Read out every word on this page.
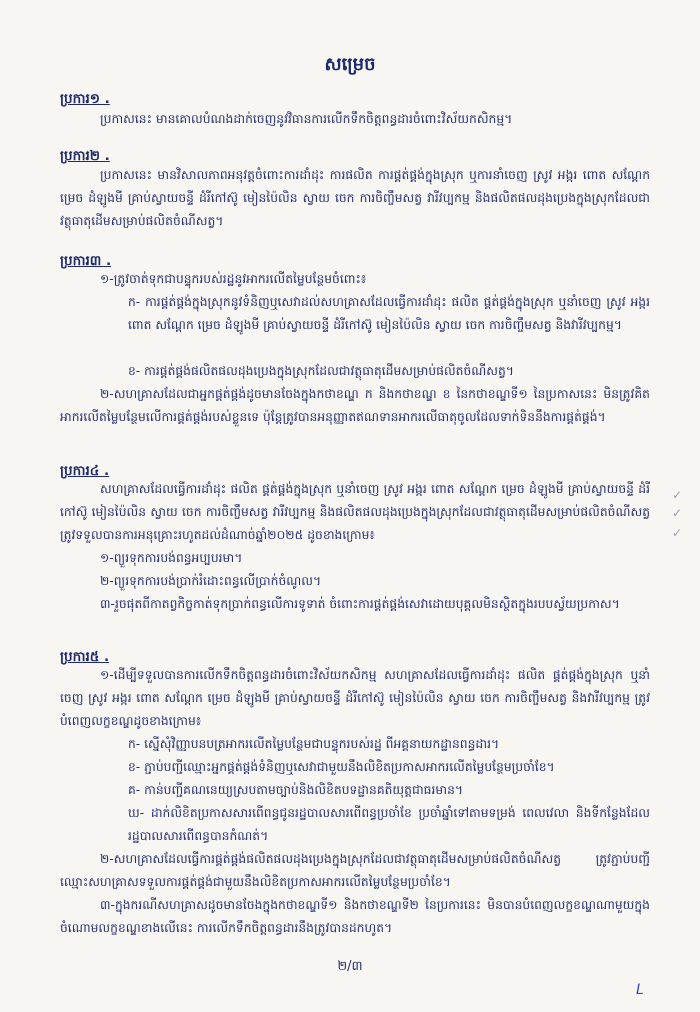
សម្រេច
ប្រការ១ .
ប្រកាសនេះ មានគោលបំណងដាក់ចេញនូវវិធានការលើកទឹកចិត្តពន្ធដារចំពោះវិស័យកសិកម្ម។
ប្រការ២ .
ប្រកាសនេះ មានវិសាលភាពអនុវត្តចំពោះការដាំដុះ ការផលិត ការផ្គត់ផ្គង់ក្នុងស្រុក ឬការនាំចេញ ស្រូវ អង្ករ ពោត សណ្តែក ម្រេច ដំឡូងមី គ្រាប់ស្វាយចន្ទី ដំរីកៅស៊ូ មៀនប៉ៃលិន ស្វាយ ចេក ការចិញ្ចឹមសត្វ វារីវប្បកម្ម និងផលិតផលដុងប្រេងក្នុងស្រុកដែលជាវត្ថុធាតុដើមសម្រាប់ផលិតចំណីសត្វ។
ប្រការ៣ .
១-ត្រូវចាត់ទុកជាបន្ទុករបស់រដ្ឋនូវអាករលើតម្លៃបន្ថែមចំពោះ៖
ក- ការផ្គត់ផ្គង់ក្នុងស្រុកនូវទំនិញឬសេវាដល់សហគ្រាសដែលធ្វើការដាំដុះ ផលិត ផ្គត់ផ្គង់ក្នុងស្រុក ឬនាំចេញ ស្រូវ អង្ករ ពោត សណ្តែក ម្រេច ដំឡូងមី គ្រាប់ស្វាយចន្ទី ដំរីកៅស៊ូ មៀនប៉ៃលិន ស្វាយ ចេក ការចិញ្ចឹមសត្វ និងវារីវប្បកម្ម។
ខ- ការផ្គត់ផ្គង់ផលិតផលដុងប្រេងក្នុងស្រុកដែលជាវត្ថុធាតុដើមសម្រាប់ផលិតចំណីសត្វ។
២-សហគ្រាសដែលជាអ្នកផ្គត់ផ្គង់ដូចមានចែងក្នុងកថាខណ្ឌ ក និងកថាខណ្ឌ ខ នៃកថាខណ្ឌទី១ នៃប្រកាសនេះ មិនត្រូវគិតអាករលើតម្លៃបន្ថែមលើការផ្គត់ផ្គង់របស់ខ្លួនទេ ប៉ុន្តែត្រូវបានអនុញ្ញាតឥណទានអាករលើធាតុចូលដែលទាក់ទិននឹងការផ្គត់ផ្គង់។
ប្រការ៤ .
សហគ្រាសដែលធ្វើការដាំដុះ ផលិត ផ្គត់ផ្គង់ក្នុងស្រុក ឬនាំចេញ ស្រូវ អង្ករ ពោត សណ្តែក ម្រេច ដំឡូងមី គ្រាប់ស្វាយចន្ទី ដំរីកៅស៊ូ មៀនប៉ៃលិន ស្វាយ ចេក ការចិញ្ចឹមសត្វ វារីវប្បកម្ម និងផលិតផលដុងប្រេងក្នុងស្រុកដែលជាវត្ថុធាតុដើមសម្រាប់ផលិតចំណីសត្វ ត្រូវទទួលបានការអនុគ្រោះរហូតដល់ដំណាច់ឆ្នាំ២០២៥ ដូចខាងក្រោម៖
១-ព្យួរទុកការបង់ពន្ធអប្បបរមា។
២-ព្យួរទុកការបង់ប្រាក់រំដោះពន្ធលើប្រាក់ចំណូល។
៣-រួចផុតពីកាតព្វកិច្ចកាត់ទុកប្រាក់ពន្ធលើការទូទាត់ ចំពោះការផ្គត់ផ្គង់សេវាដោយបុគ្គលមិនស្ថិតក្នុងរបបស្វ័យប្រកាស។
ប្រការ៥ .
១-ដើម្បីទទួលបានការលើកទឹកចិត្តពន្ធដារចំពោះវិស័យកសិកម្ម សហគ្រាសដែលធ្វើការដាំដុះ ផលិត ផ្គត់ផ្គង់ក្នុងស្រុក ឬនាំចេញ ស្រូវ អង្ករ ពោត សណ្តែក ម្រេច ដំឡូងមី គ្រាប់ស្វាយចន្ទី ដំរីកៅស៊ូ មៀនប៉ៃលិន ស្វាយ ចេក ការចិញ្ចឹមសត្វ និងវារីវប្បកម្ម ត្រូវបំពេញលក្ខខណ្ឌដូចខាងក្រោម៖
ក- ស្នើសុំវិញ្ញាបនបត្រអាករលើតម្លៃបន្ថែមជាបន្ទុករបស់រដ្ឋ ពីអគ្គនាយកដ្ឋានពន្ធដារ។
ខ- ភ្ជាប់បញ្ជីឈ្មោះអ្នកផ្គត់ផ្គង់ទំនិញឬសេវាជាមួយនឹងលិខិតប្រកាសអាករលើតម្លៃបន្ថែមប្រចាំខែ។
គ- កាន់បញ្ជីគណនេយ្យស្របតាមច្បាប់និងលិខិតបទដ្ឋានគតិយុត្តជាធរមាន។
ឃ- ដាក់លិខិតប្រកាសសារពើពន្ធជូនរដ្ឋបាលសារពើពន្ធប្រចាំខែ ប្រចាំឆ្នាំទៅតាមទម្រង់ ពេលវេលា និងទីកន្លែងដែលរដ្ឋបាលសារពើពន្ធបានកំណត់។
២-សហគ្រាសដែលធ្វើការផ្គត់ផ្គង់ផលិតផលដុងប្រេងក្នុងស្រុកដែលជាវត្ថុធាតុដើមសម្រាប់ផលិតចំណីសត្វ ត្រូវភ្ជាប់បញ្ជីឈ្មោះសហគ្រាសទទួលការផ្គត់ផ្គង់ជាមួយនឹងលិខិតប្រកាសអាករលើតម្លៃបន្ថែមប្រចាំខែ។
៣-ក្នុងករណីសហគ្រាសដូចមានចែងក្នុងកថាខណ្ឌទី១ និងកថាខណ្ឌទី២ នៃប្រការនេះ មិនបានបំពេញលក្ខខណ្ឌណាមួយក្នុងចំណោមលក្ខខណ្ឌខាងលើនេះ ការលើកទឹកចិត្តពន្ធដារនឹងត្រូវបានដកហូត។
២/៣
ᒪ
✓
✓
✓
